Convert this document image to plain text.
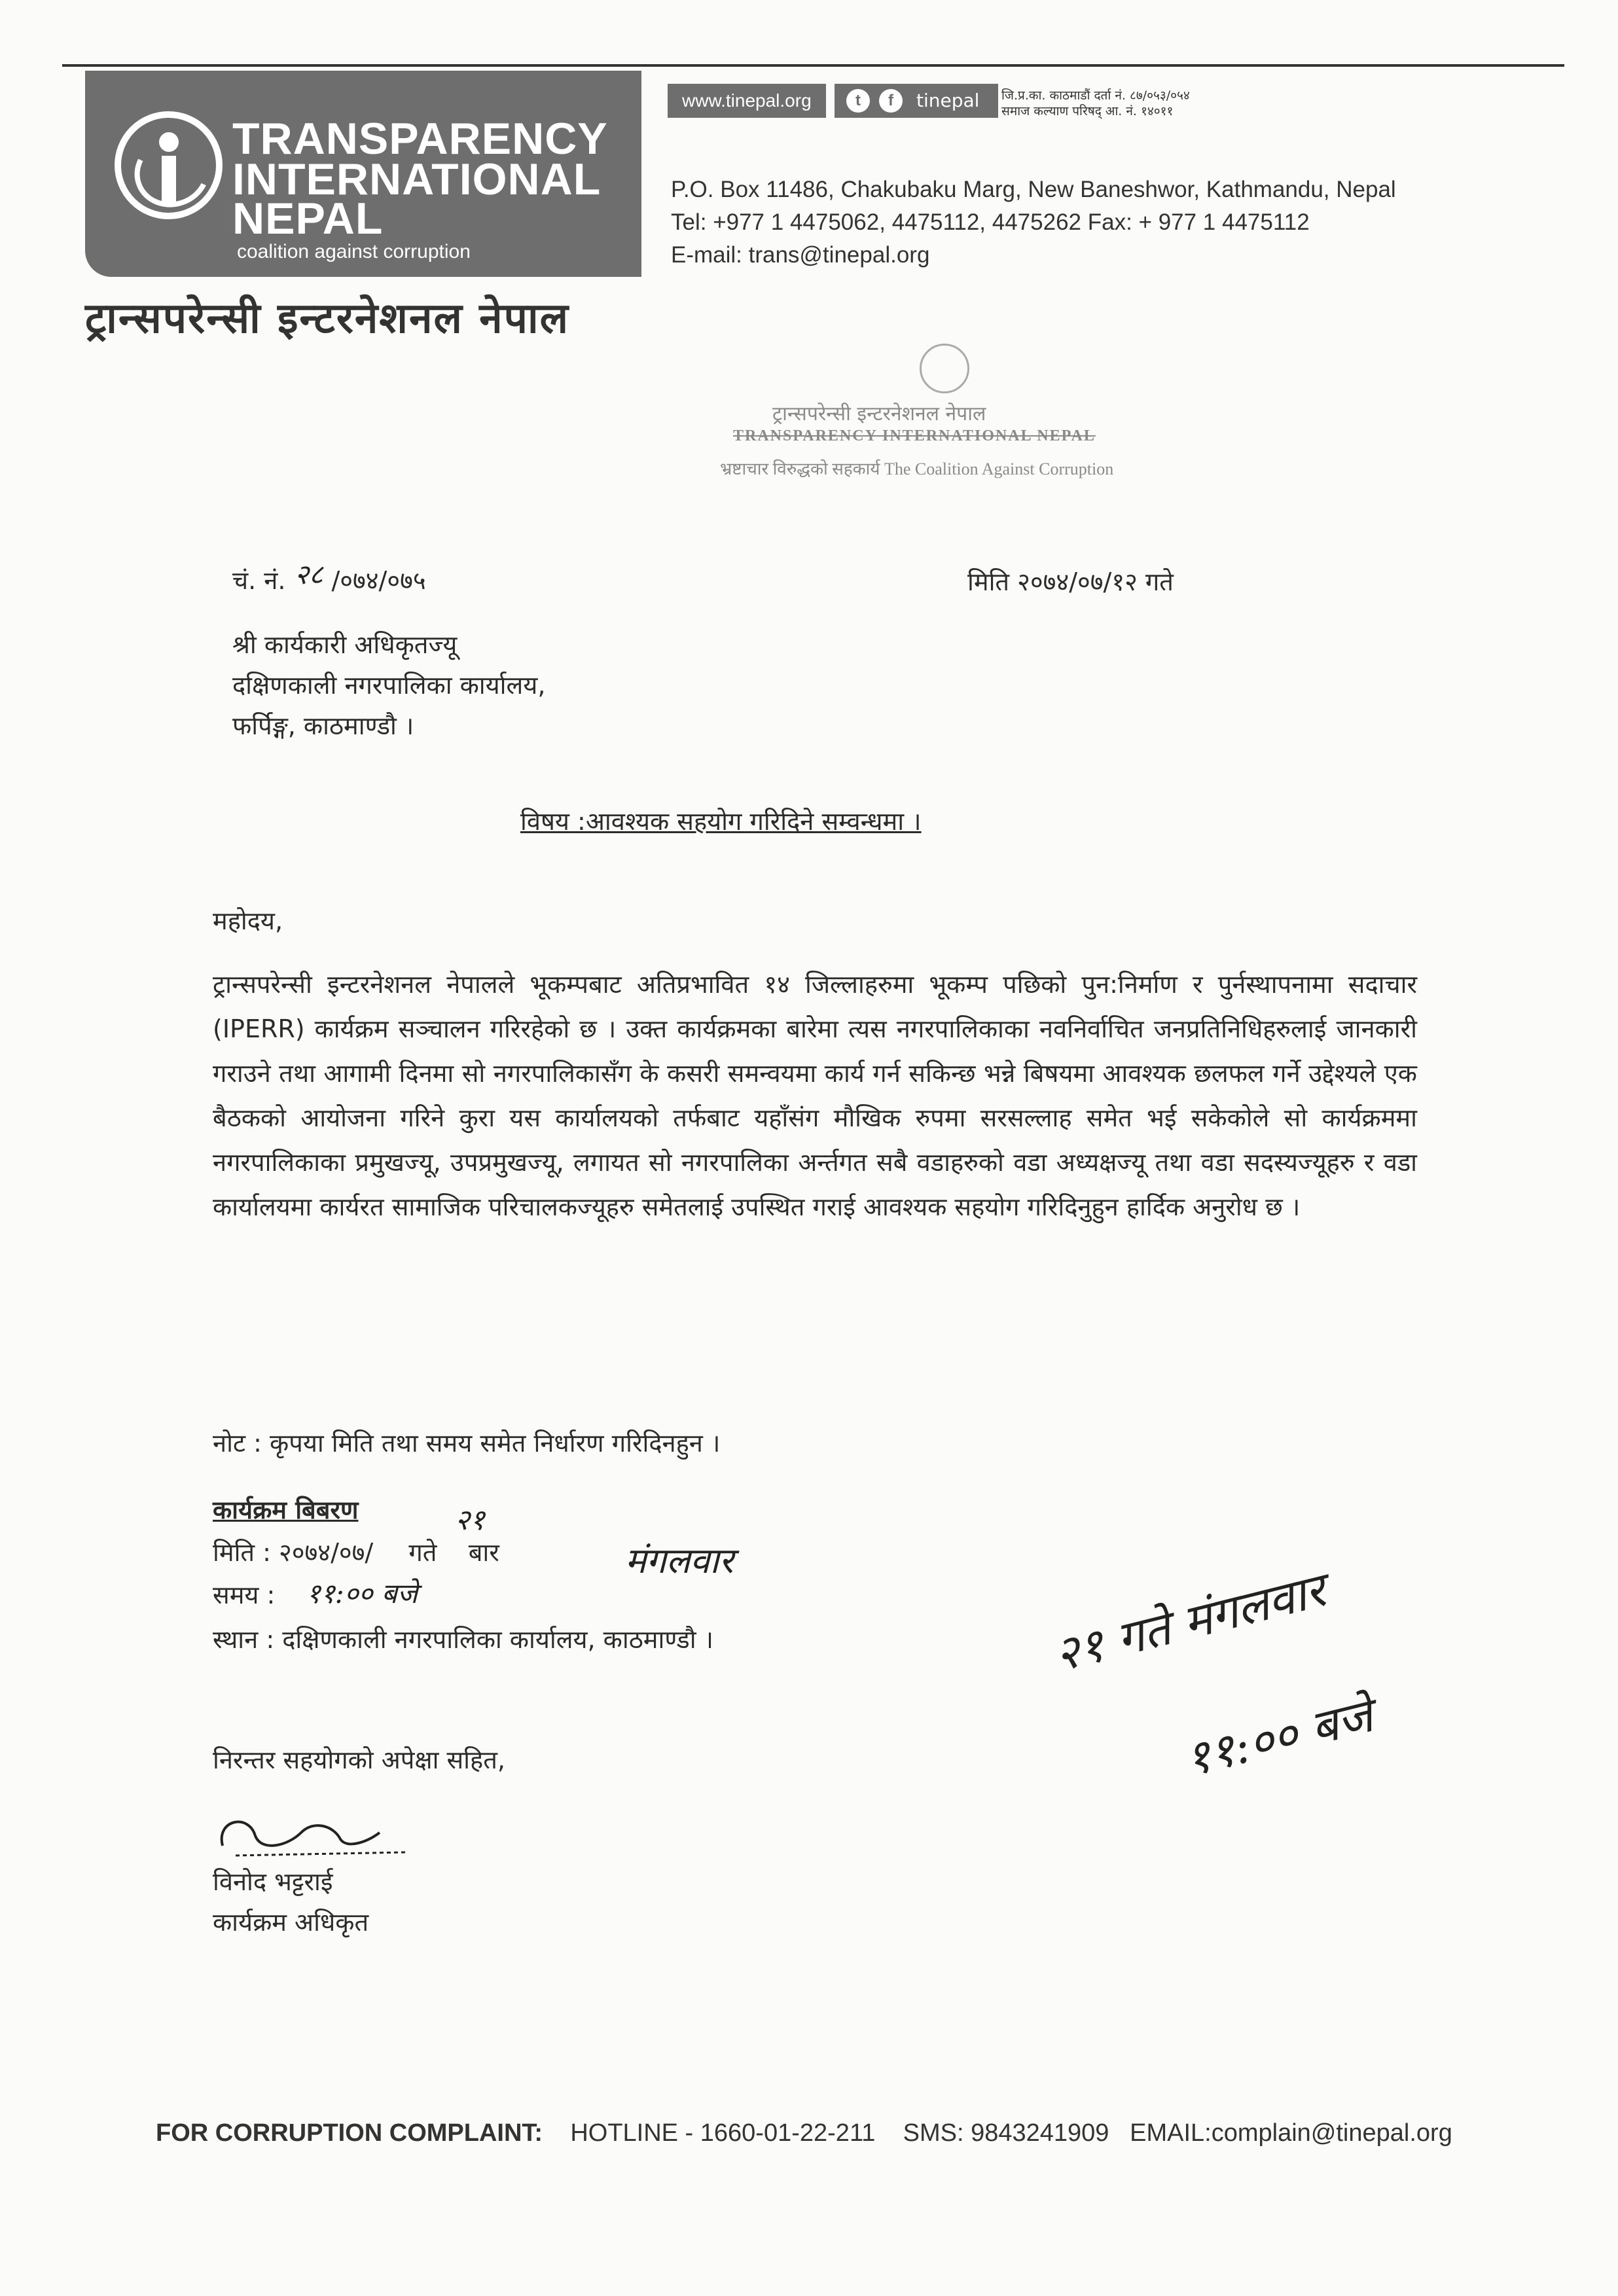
TRANSPARENCY
INTERNATIONAL
NEPAL
coalition against corruption
ट्रान्सपरेन्सी इन्टरनेशनल नेपाल
www.tinepal.org	t	f	tinepal जि.प्र.का. काठमाडौं दर्ता नं. ८७/०५३/०५४
समाज कल्याण परिषद् आ. नं. १४०११
P.O. Box 11486, Chakubaku Marg, New Baneshwor, Kathmandu, Nepal
Tel: +977 1 4475062, 4475112, 4475262 Fax: + 977 1 4475112
E-mail: trans@tinepal.org
ट्रान्सपरेन्सी इन्टरनेशनल नेपाल
TRANSPARENCY INTERNATIONAL NEPAL
भ्रष्टाचार विरुद्धको सहकार्य The Coalition Against Corruption
चं. नं. /०७४/०७५
२८	मिति २०७४/०७/१२ गते
श्री कार्यकारी अधिकृतज्यू
दक्षिणकाली नगरपालिका कार्यालय,
फर्पिङ्ग, काठमाण्डौ ।
विषय :आवश्यक सहयोग गरिदिने सम्वन्धमा ।
महोदय,
ट्रान्सपरेन्सी इन्टरनेशनल नेपालले भूकम्पबाट अतिप्रभावित १४ जिल्लाहरुमा भूकम्प पछिको पुन:निर्माण र पुर्नस्थापनामा सदाचार (IPERR) कार्यक्रम सञ्चालन गरिरहेको छ । उक्त कार्यक्रमका बारेमा त्यस नगरपालिकाका नवनिर्वाचित जनप्रतिनिधिहरुलाई जानकारी गराउने तथा आगामी दिनमा सो नगरपालिकासँग के कसरी समन्वयमा कार्य गर्न सकिन्छ भन्ने बिषयमा आवश्यक छलफल गर्ने उद्देश्यले एक बैठकको आयोजना गरिने कुरा यस कार्यालयको तर्फबाट यहाँसंग मौखिक रुपमा सरसल्लाह समेत भई सकेकोले सो कार्यक्रममा नगरपालिकाका प्रमुखज्यू, उपप्रमुखज्यू, लगायत सो नगरपालिका अर्न्तगत सबै वडाहरुको वडा अध्यक्षज्यू तथा वडा सदस्यज्यूहरु र वडा कार्यालयमा कार्यरत सामाजिक परिचालकज्यूहरु समेतलाई उपस्थित गराई आवश्यक सहयोग गरिदिनुहुन हार्दिक अनुरोध छ ।
नोट : कृपया मिति तथा समय समेत निर्धारण गरिदिनहुन ।
कार्यक्रम बिबरण
मिति : २०७४/०७/  गते    बार
२१
मंगलवार
समय : ११:०० बजे
स्थान : दक्षिणकाली नगरपालिका कार्यालय, काठमाण्डौ ।	२१ गते मंगलवार
११:०० बजे
निरन्तर सहयोगको अपेक्षा सहित,
विनोद भट्टराई
कार्यक्रम अधिकृत
FOR CORRUPTION COMPLAINT: HOTLINE - 1660-01-22-211 SMS: 9843241909 EMAIL:complain@tinepal.org
